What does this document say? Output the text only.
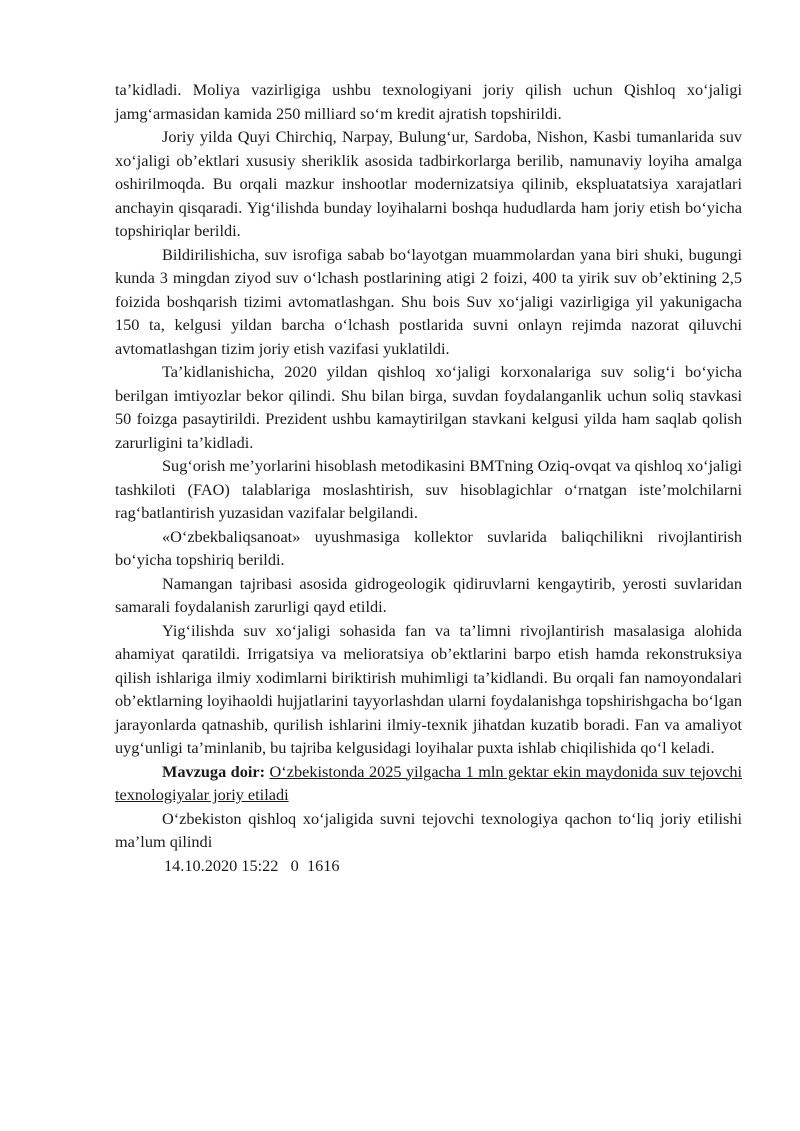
ta’kidladi. Moliya vazirligiga ushbu texnologiyani joriy qilish uchun Qishloq xo‘jaligi jamg‘armasidan kamida 250 milliard so‘m kredit ajratish topshirildi.

Joriy yilda Quyi Chirchiq, Narpay, Bulung‘ur, Sardoba, Nishon, Kasbi tumanlarida suv xo‘jaligi ob’ektlari xususiy sheriklik asosida tadbirkorlarga berilib, namunaviy loyiha amalga oshirilmoqda. Bu orqali mazkur inshootlar modernizatsiya qilinib, ekspluatatsiya xarajatlari anchayin qisqaradi. Yig‘ilishda bunday loyihalarni boshqa hududlarda ham joriy etish bo‘yicha topshiriqlar berildi.

Bildirilishicha, suv isrofiga sabab bo‘layotgan muammolardan yana biri shuki, bugungi kunda 3 mingdan ziyod suv o‘lchash postlarining atigi 2 foizi, 400 ta yirik suv ob’ektining 2,5 foizida boshqarish tizimi avtomatlashgan. Shu bois Suv xo‘jaligi vazirligiga yil yakunigacha 150 ta, kelgusi yildan barcha o‘lchash postlarida suvni onlayn rejimda nazorat qiluvchi avtomatlashgan tizim joriy etish vazifasi yuklatildi.

Ta’kidlanishicha, 2020 yildan qishloq xo‘jaligi korxonalariga suv solig‘i bo‘yicha berilgan imtiyozlar bekor qilindi. Shu bilan birga, suvdan foydalanganlik uchun soliq stavkasi 50 foizga pasaytirildi. Prezident ushbu kamaytirilgan stavkani kelgusi yilda ham saqlab qolish zarurligini ta’kidladi.

Sug‘orish me’yorlarini hisoblash metodikasini BMTning Oziq-ovqat va qishloq xo‘jaligi tashkiloti (FAO) talablariga moslashtirish, suv hisoblagichlar o‘rnatgan iste’molchilarni rag‘batlantirish yuzasidan vazifalar belgilandi.

«O‘zbekbaliqsanoat» uyushmasiga kollektor suvlarida baliqchilikni rivojlantirish bo‘yicha topshiriq berildi.

Namangan tajribasi asosida gidrogeologik qidiruvlarni kengaytirib, yerosti suvlaridan samarali foydalanish zarurligi qayd etildi.

Yig‘ilishda suv xo‘jaligi sohasida fan va ta’limni rivojlantirish masalasiga alohida ahamiyat qaratildi. Irrigatsiya va melioratsiya ob’ektlarini barpo etish hamda rekonstruksiya qilish ishlariga ilmiy xodimlarni biriktirish muhimligi ta’kidlandi. Bu orqali fan namoyondalari ob’ektlarning loyihaoldi hujjatlarini tayyorlashdan ularni foydalanishga topshirishgacha bo‘lgan jarayonlarda qatnashib, qurilish ishlarini ilmiy-texnik jihatdan kuzatib boradi. Fan va amaliyot uyg‘unligi ta’minlanib, bu tajriba kelgusidagi loyihalar puxta ishlab chiqilishida qo‘l keladi.

Mavzuga doir: O‘zbekistonda 2025 yilgacha 1 mln gektar ekin maydonida suv tejovchi texnologiyalar joriy etiladi

O‘zbekiston qishloq xo‘jaligida suvni tejovchi texnologiya qachon to‘liq joriy etilishi ma’lum qilindi

14.10.2020 15:22 0 1616
